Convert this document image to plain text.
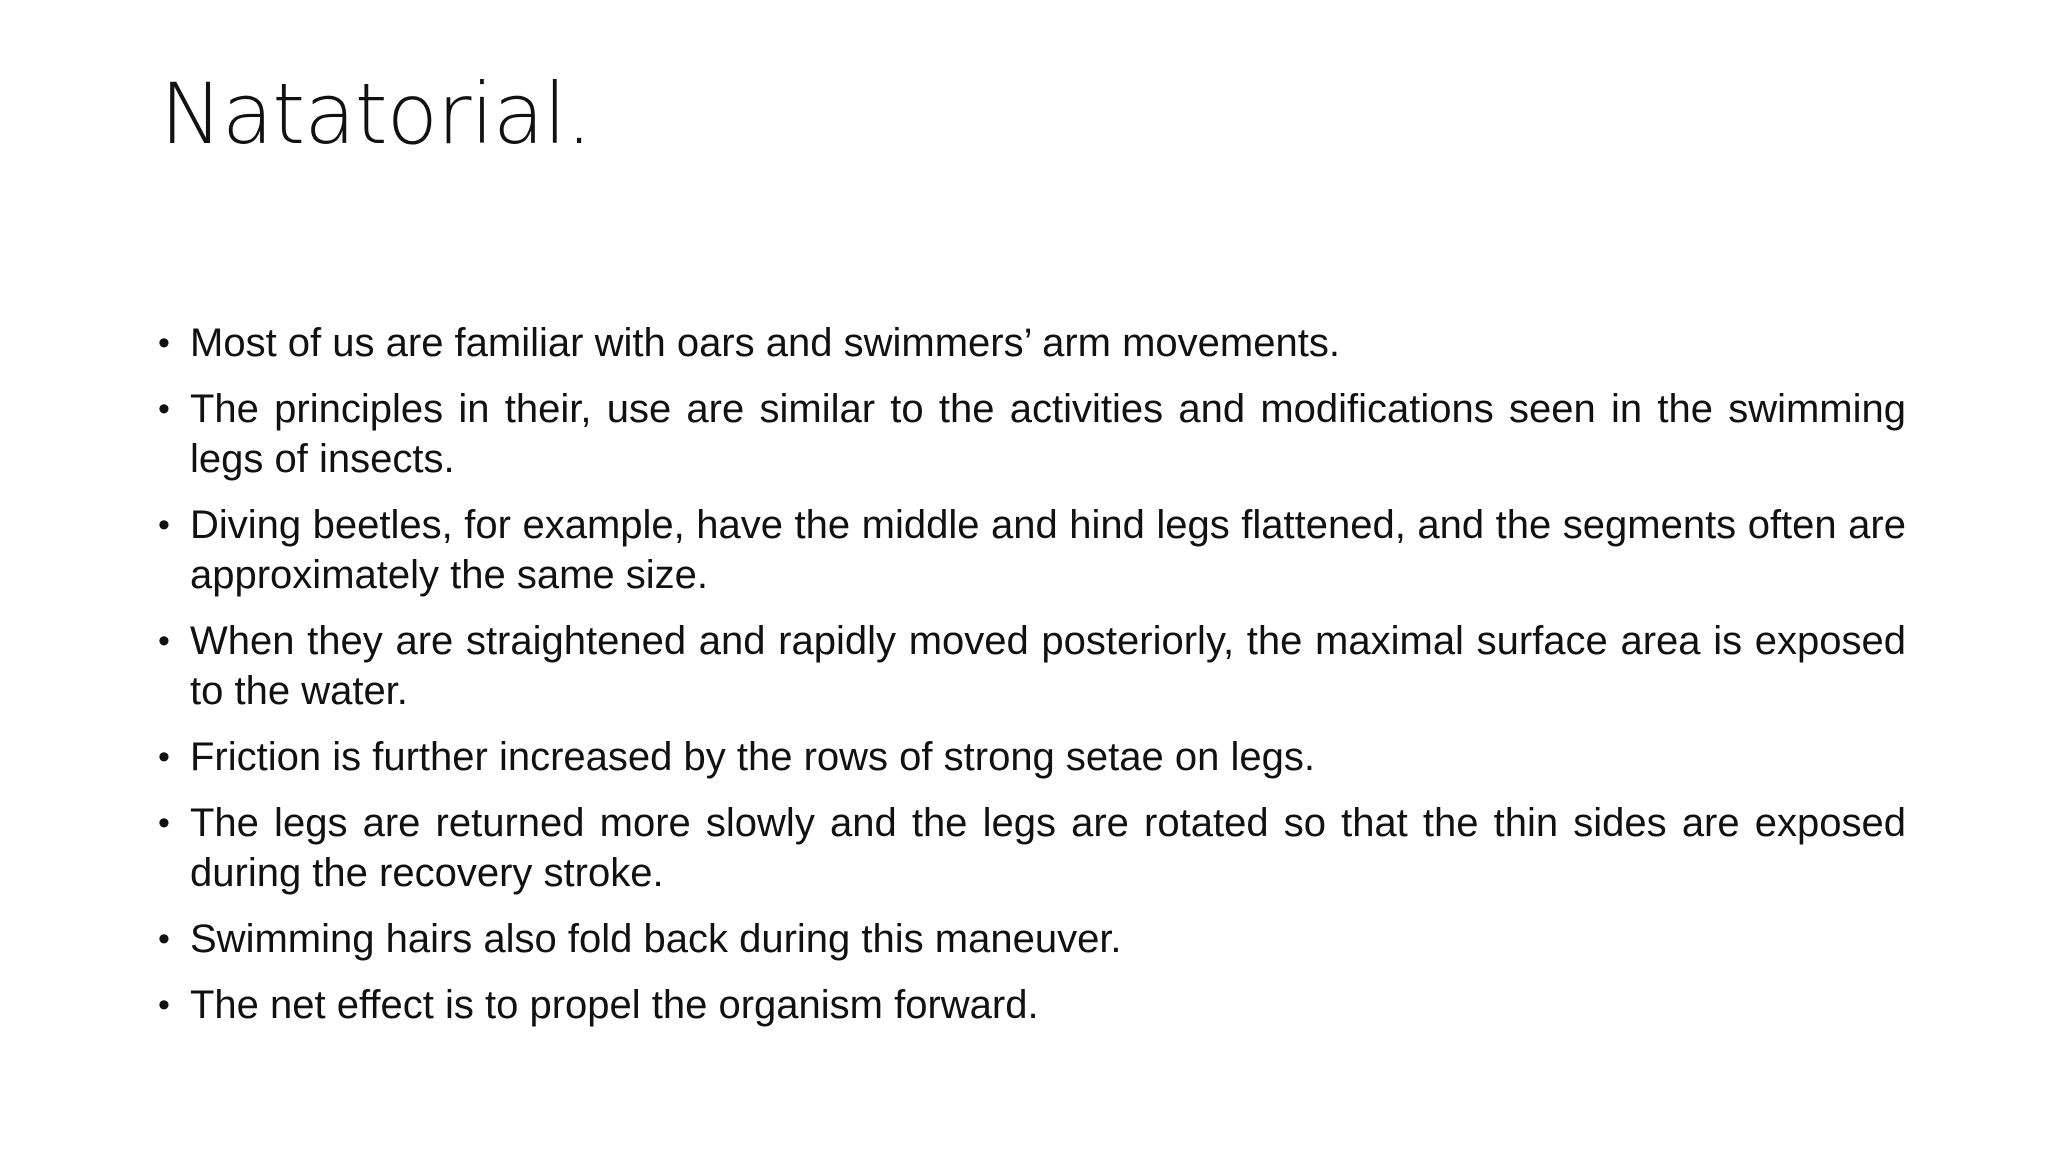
Natatorial.
• Most of us are familiar with oars and swimmers’ arm movements.
• The principles in their, use are similar to the activities and modifications seen in the swimming legs of insects.
• Diving beetles, for example, have the middle and hind legs flattened, and the segments often are approximately the same size.
• When they are straightened and rapidly moved posteriorly, the maximal surface area is exposed to the water.
• Friction is further increased by the rows of strong setae on legs.
• The legs are returned more slowly and the legs are rotated so that the thin sides are exposed during the recovery stroke.
• Swimming hairs also fold back during this maneuver.
• The net effect is to propel the organism forward.
